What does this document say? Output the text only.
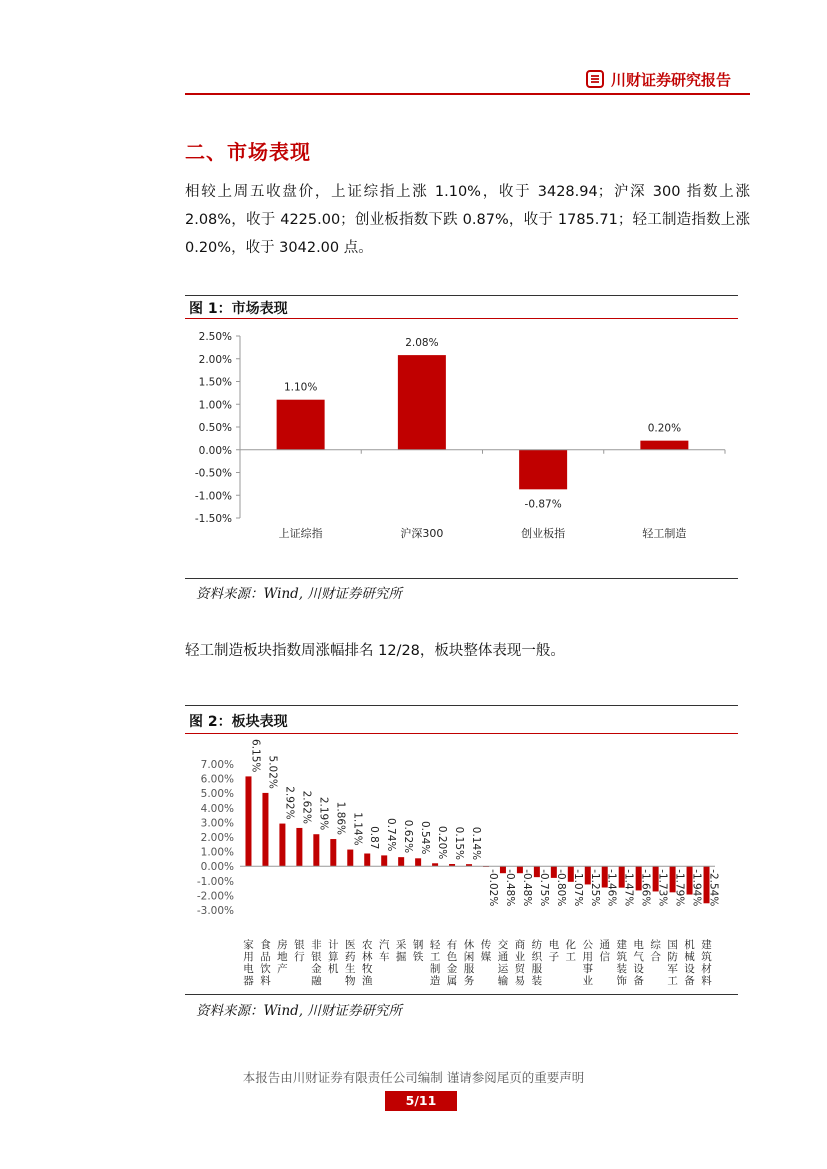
川财证券研究报告
二、市场表现
相较上周五收盘价，上证综指上涨 1.10%，收于 3428.94；沪深 300 指数上涨 2.08%，收于 4225.00；创业板指数下跌 0.87%，收于 1785.71；轻工制造指数上涨 0.20%，收于 3042.00 点。
图 1：市场表现
2.50%
2.00%
1.50%
1.00%
0.50%
0.00%
-0.50%
-1.00%
-1.50%
1.10%
2.08%
-0.87%
0.20%
上证综指	沪深300	创业板指	轻工制造
资料来源：Wind, 川财证券研究所
轻工制造板块指数周涨幅排名 12/28，板块整体表现一般。
图 2：板块表现
7.00%
6.00%
5.00%
4.00%
3.00%
2.00%
1.00%
0.00%
-1.00%
-2.00%
-3.00%
6.15% 5.02%
2.92% 2.62% 2.19% 1.86% 1.14% 0.87 0.74% 0.62% 0.54% 0.20% 0.15% 0.14%
-0.02% -0.48% -0.48% -0.75% -0.80% -1.07% -1.25% -1.46% -1.47% -1.66% -1.73% -1.79% -1.94% -2.54%
家用电器
食品饮料
房地产
银行
非银金融
计算机
医药生物
农林牧渔
汽车
采掘
钢铁
轻工制造
有色金属
休闲服务
传媒
交通运输
商业贸易
纺织服装
电子
化工
公用事业
通信
建筑装饰
电气设备
综合
国防军工
机械设备
建筑材料
资料来源：Wind, 川财证券研究所
本报告由川财证券有限责任公司编制 谨请参阅尾页的重要声明
5/11
